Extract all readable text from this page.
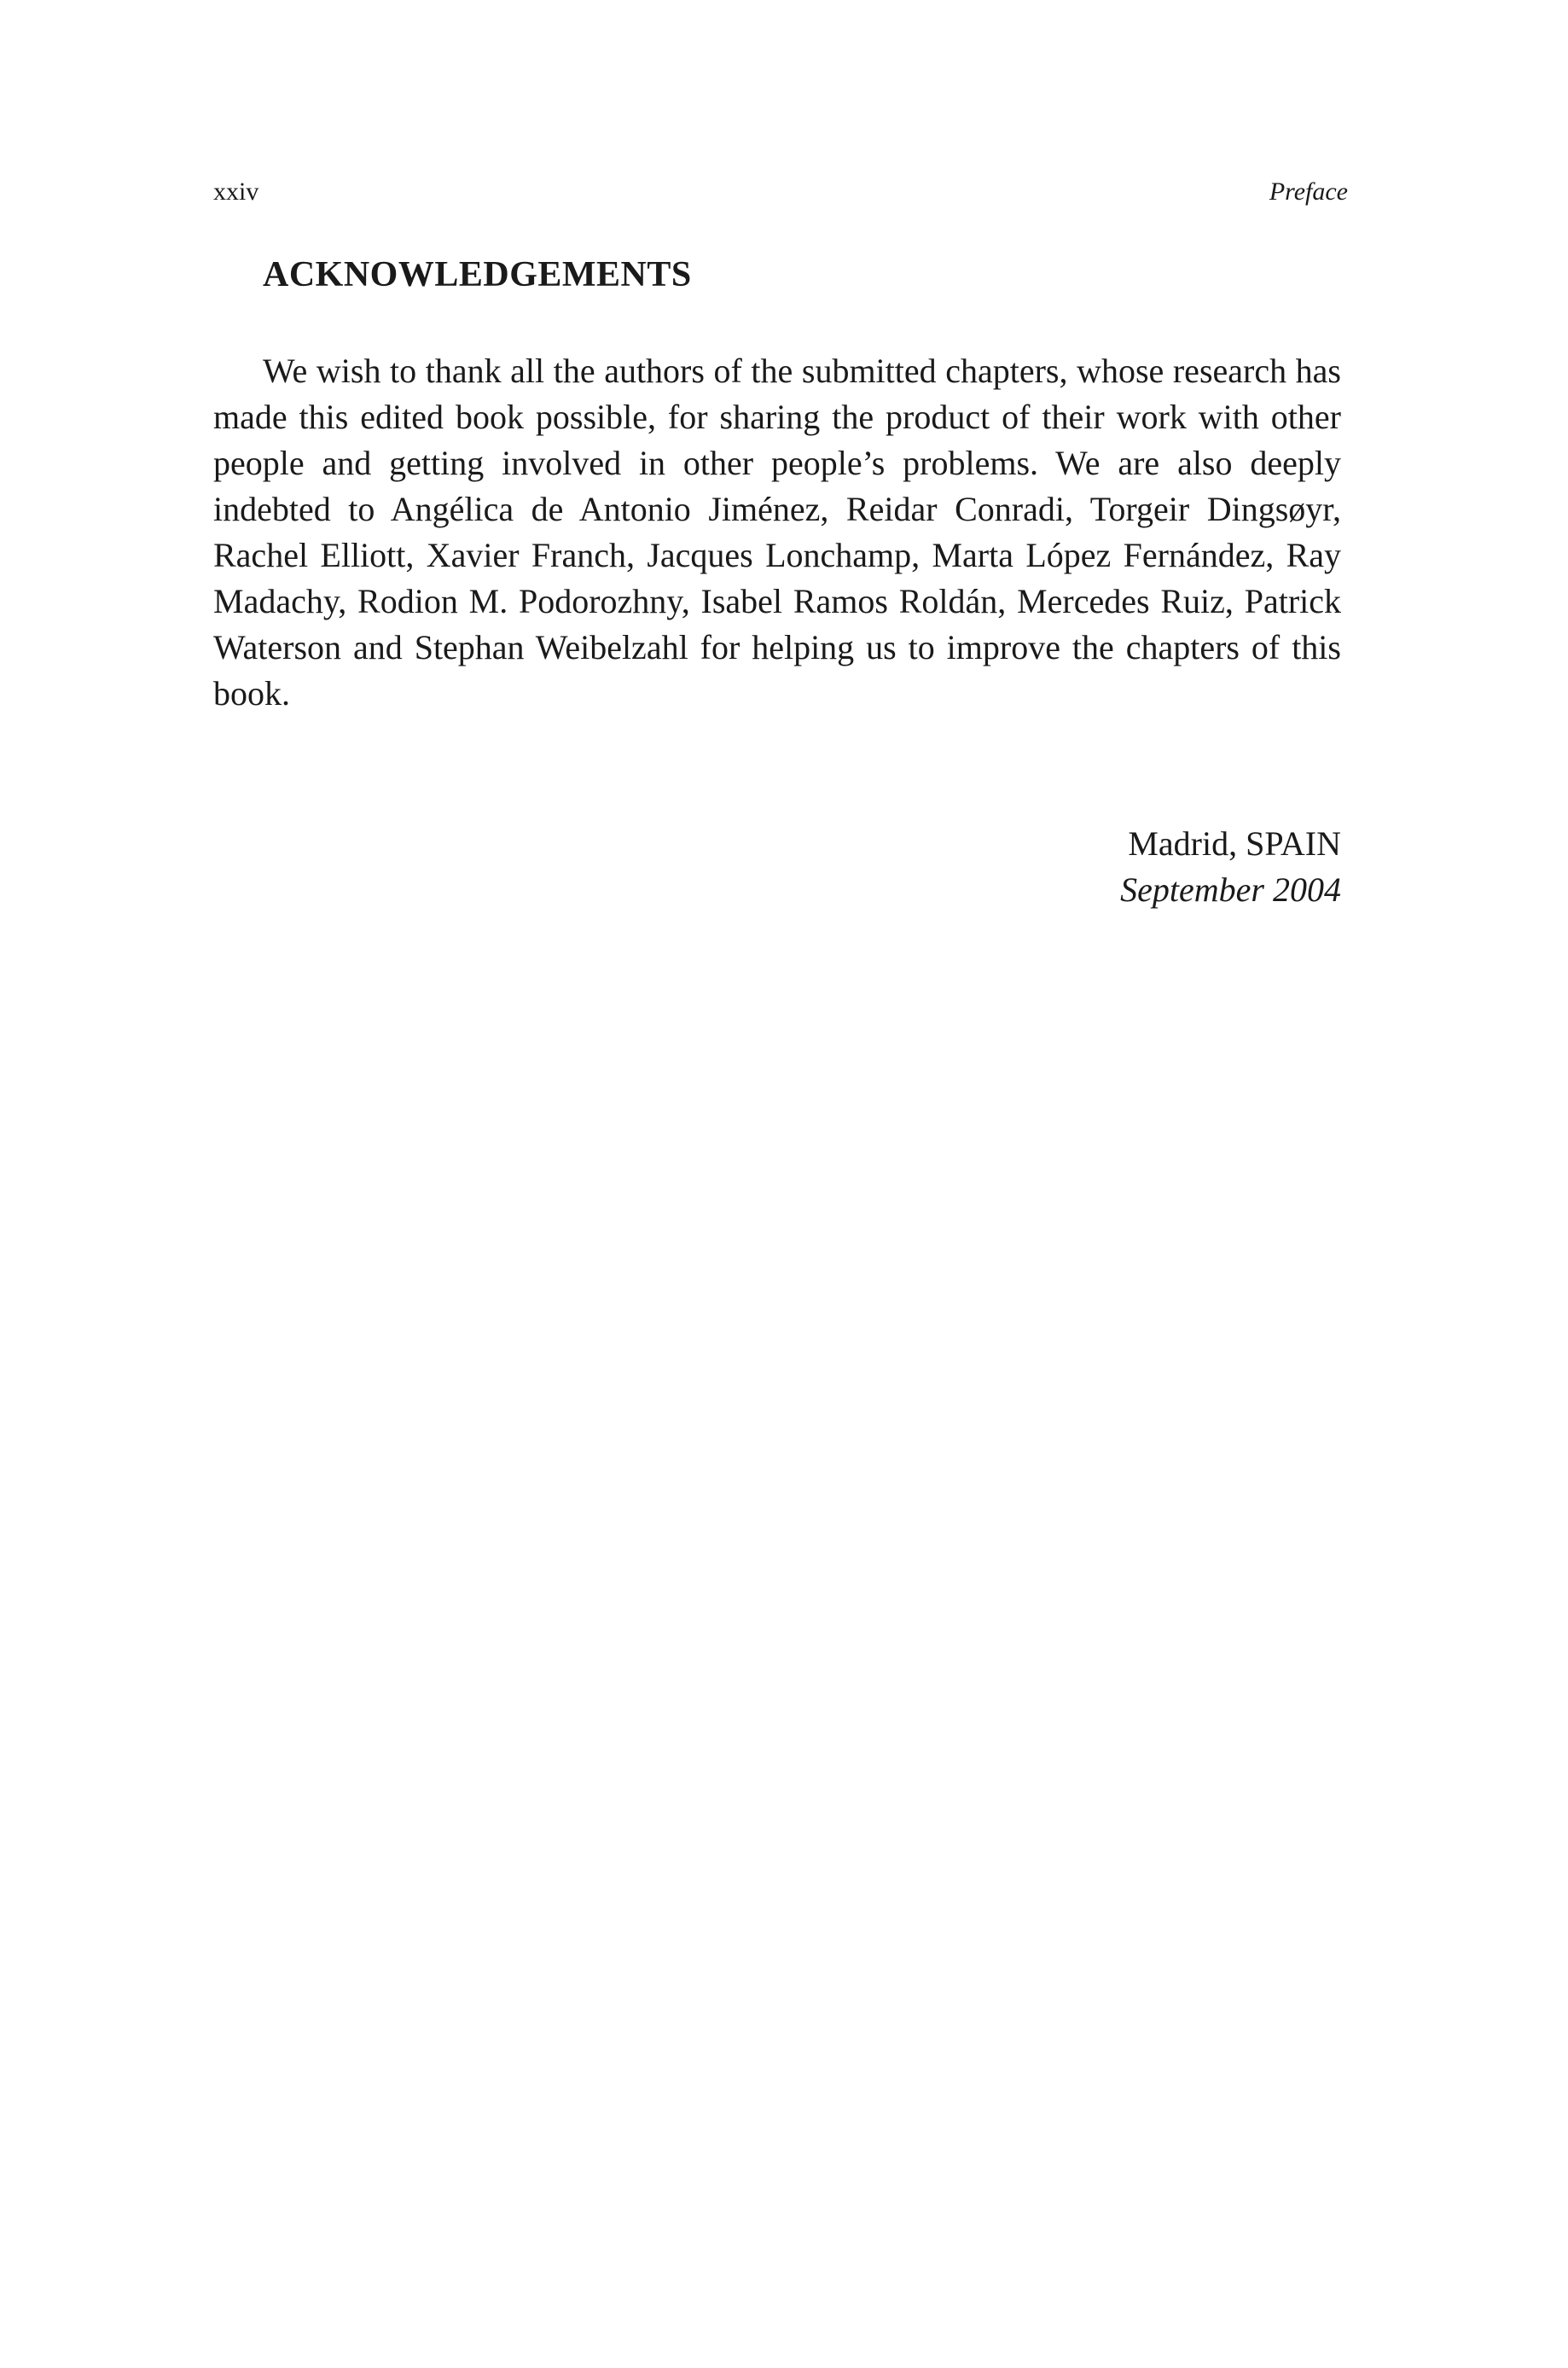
xxiv	Preface
ACKNOWLEDGEMENTS

We wish to thank all the authors of the submitted chapters, whose research has made this edited book possible, for sharing the product of their work with other people and getting involved in other people’s problems. We are also deeply indebted to Angélica de Antonio Jiménez, Reidar Conradi, Torgeir Dingsøyr, Rachel Elliott, Xavier Franch, Jacques Lonchamp, Marta López Fernández, Ray Madachy, Rodion M. Podorozhny, Isabel Ramos Roldán, Mercedes Ruiz, Patrick Waterson and Stephan Weibelzahl for helping us to improve the chapters of this book.

Madrid, SPAIN
September 2004
